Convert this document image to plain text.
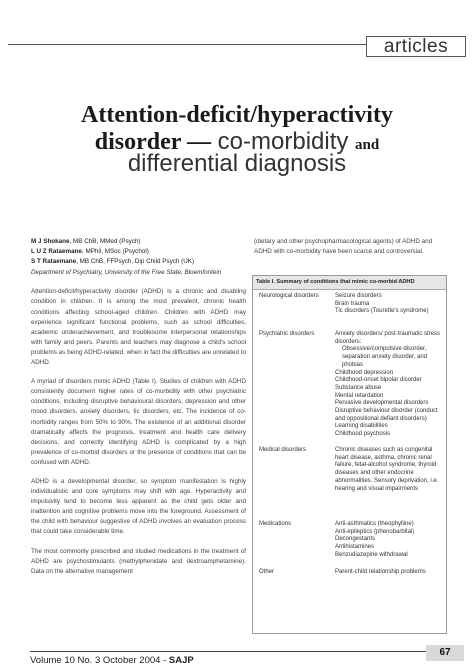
articles
Attention-deficit/hyperactivity
disorder — co-morbidity and
differential diagnosis
M J Shokane, MB ChB, MMed (Psych)
L U Z Rataemane, MPhil, MSoc (Psychol)
S T Rataemane, MB ChB, FFPsych, Dip Child Psych (UK)
Department of Psychiatry, University of the Free State, Bloemfontein
Attention-deficit/hyperactivity disorder (ADHD) is a chronic and disabling condition in children. It is among the most prevalent, chronic health conditions affecting school-aged children. Children with ADHD may experience significant functional problems, such as school difficulties, academic underachievement, and troublesome interpersonal relationships with family and peers. Parents and teachers may diagnose a child's school problems as being ADHD-related, when in fact the difficulties are unrelated to ADHD.
A myriad of disorders mimic ADHD (Table I). Studies of children with ADHD consistently document higher rates of co-morbidity with other psychiatric conditions, including disruptive behavioural disorders, depression and other mood disorders, anxiety disorders, tic disorders, etc. The incidence of co-morbidity ranges from 50% to 90%. The existence of an additional disorder dramatically affects the prognosis, treatment and health care delivery decisions, and correctly identifying ADHD is complicated by a high prevalence of co-morbid disorders or the presence of conditions that can be confused with ADHD.
ADHD is a developmental disorder, so symptom manifestation is highly individualistic and core symptoms may shift with age. Hyperactivity and impulsivity tend to become less apparent as the child gets older and inattention and cognitive problems move into the foreground. Assessment of the child with behaviour suggestive of ADHD involves an evaluation process that could take considerable time.
The most commonly prescribed and studied medications in the treatment of ADHD are psychostimulants (methylphenidate and dextroamphetamine). Data on the alternative management
(dietary and other psychopharmacological agents) of ADHD and ADHD with co-morbidity have been scarce and controversial.
Table I. Summary of conditions that mimic co-morbid ADHD
Neurological disorders	Seizure disorders
Brain trauma
Tic disorders (Tourette's syndrome)
Psychiatric disorders	Anxiety disorders/ post-traumatic stress disorders:
Obsessive/compulsive disorder, separation anxiety disorder, and phobias
Childhood depression
Childhood-onset bipolar disorder
Substance abuse
Mental retardation
Pervasive developmental disorders
Disruptive behaviour disorder (conduct and oppositional defiant disorders)
Learning disabilities
Childhood psychosis
Medical disorders	Chronic diseases such as congenital heart disease, asthma, chronic renal failure, fetal-alcohol syndrome, thyroid diseases and other endocrine abnormalities. Sensory deprivation, i.e. hearing and visual impairments
Medications	Anti-asthmatics (theophylline)
Anti-epileptics (phenobarbital)
Decongestants
Antihistamines
Benzodiazepine withdrawal
Other	Parent-child relationship problems
Volume 10 No. 3 October 2004 - SAJP
67
